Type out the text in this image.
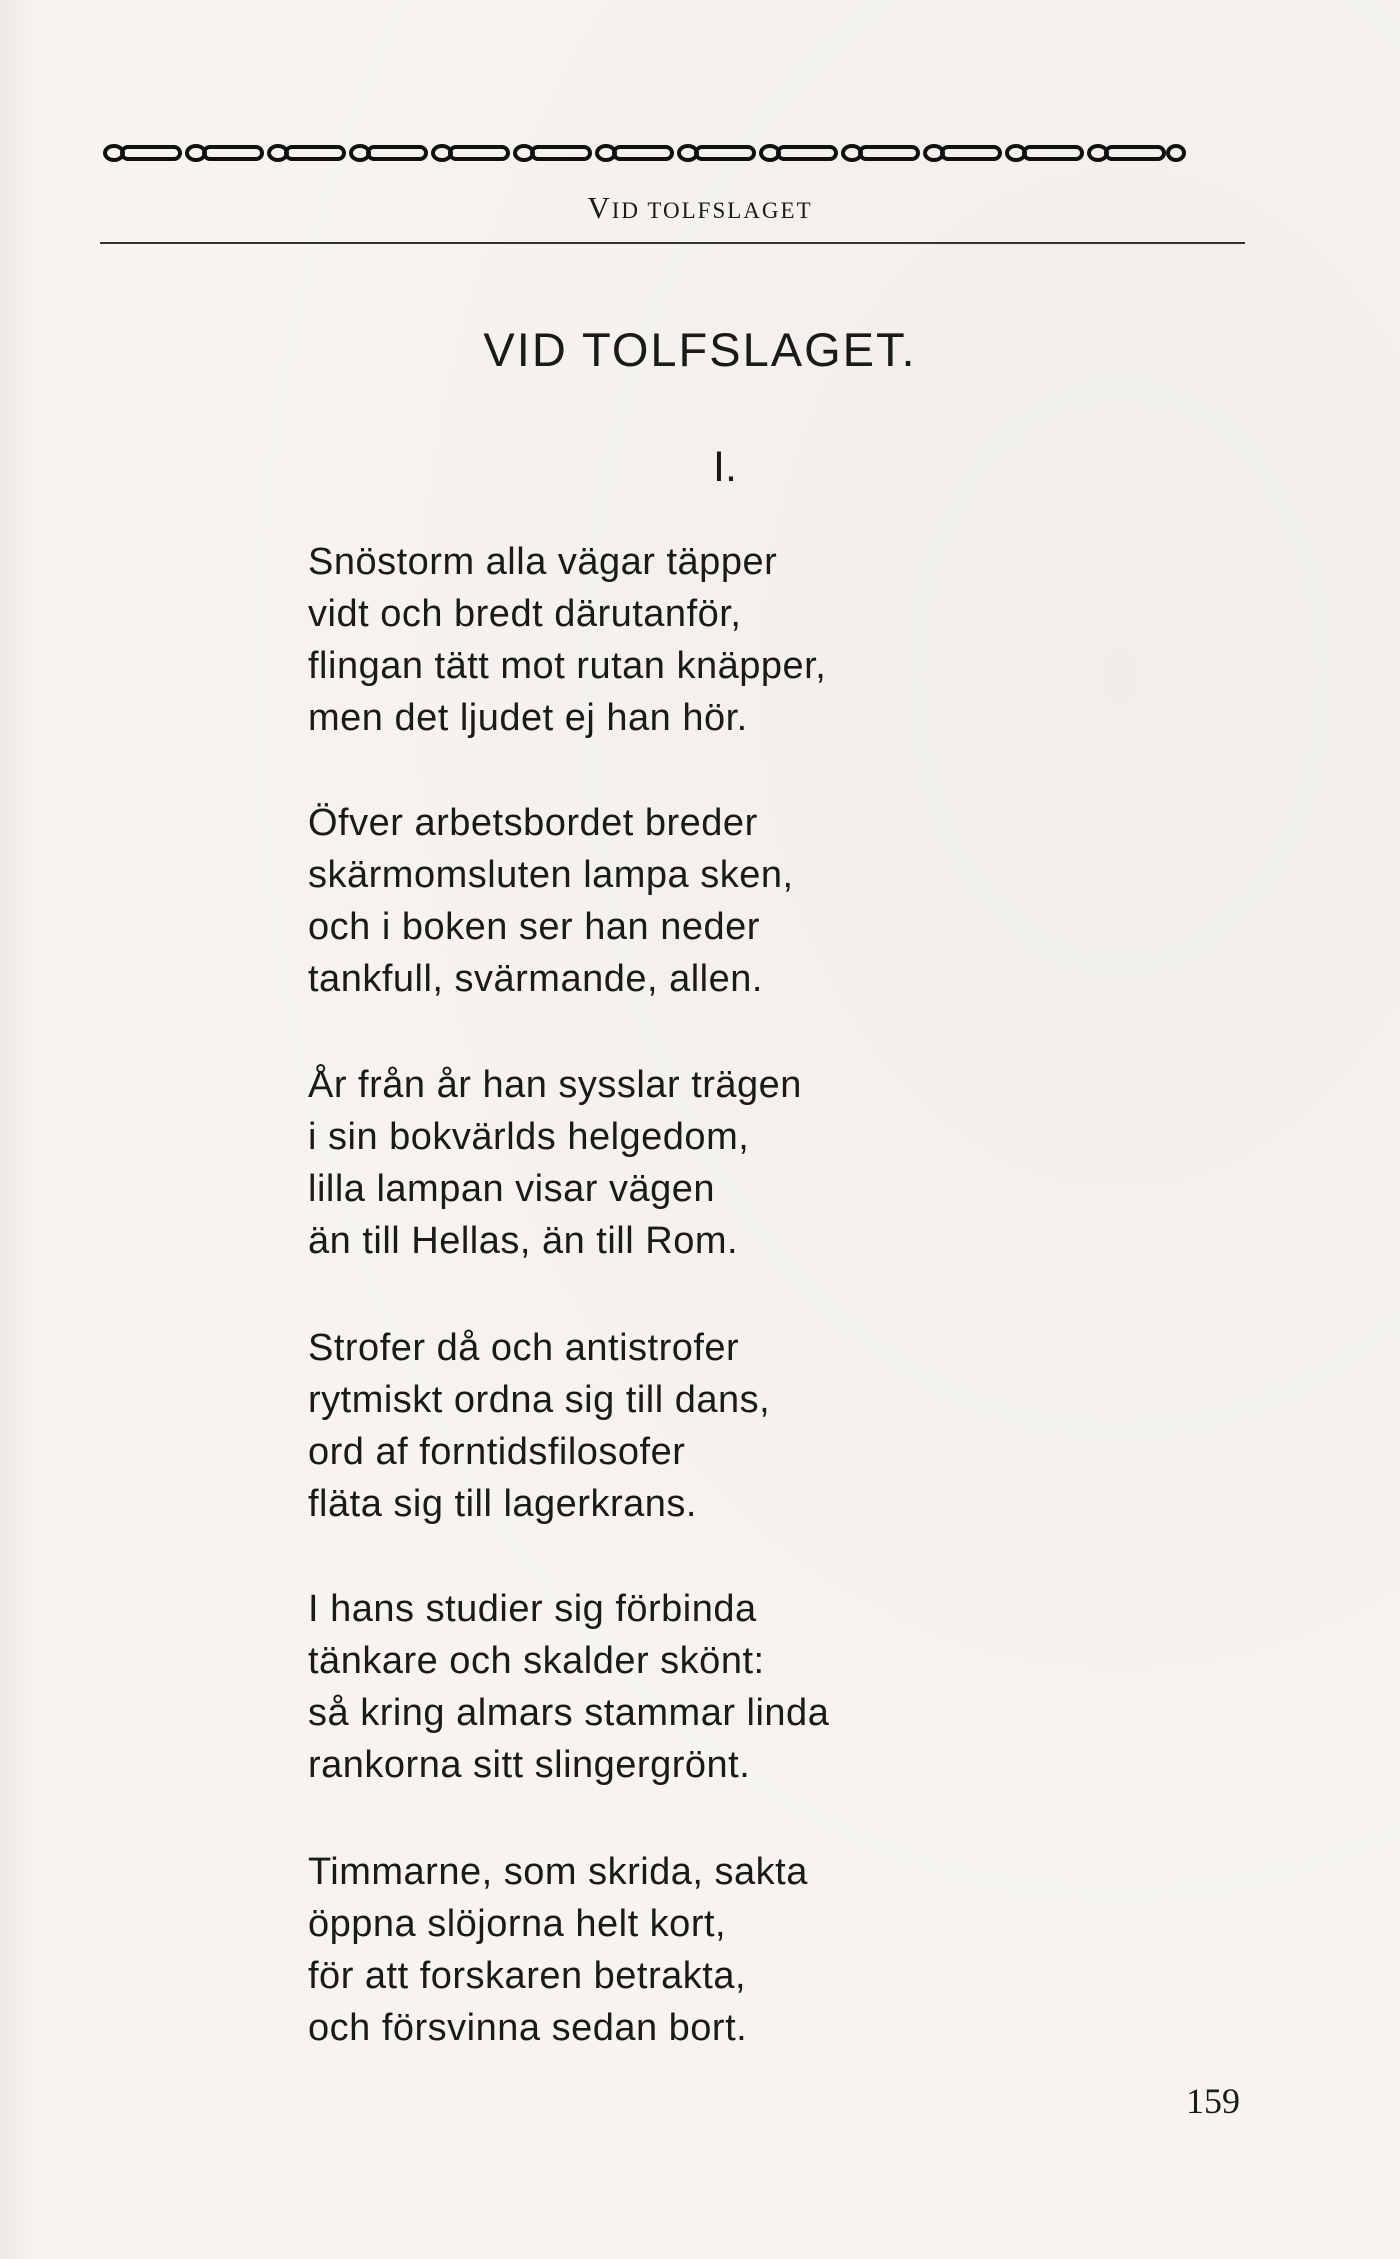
VID TOLFSLAGET
VID TOLFSLAGET.
I.
Snöstorm alla vägar täpper
vidt och bredt därutanför,
flingan tätt mot rutan knäpper,
men det ljudet ej han hör.
Öfver arbetsbordet breder
skärmomsluten lampa sken,
och i boken ser han neder
tankfull, svärmande, allen.
År från år han sysslar trägen
i sin bokvärlds helgedom,
lilla lampan visar vägen
än till Hellas, än till Rom.
Strofer då och antistrofer
rytmiskt ordna sig till dans,
ord af forntidsfilosofer
fläta sig till lagerkrans.
I hans studier sig förbinda
tänkare och skalder skönt:
så kring almars stammar linda
rankorna sitt slingergrönt.
Timmarne, som skrida, sakta
öppna slöjorna helt kort,
för att forskaren betrakta,
och försvinna sedan bort.
159
